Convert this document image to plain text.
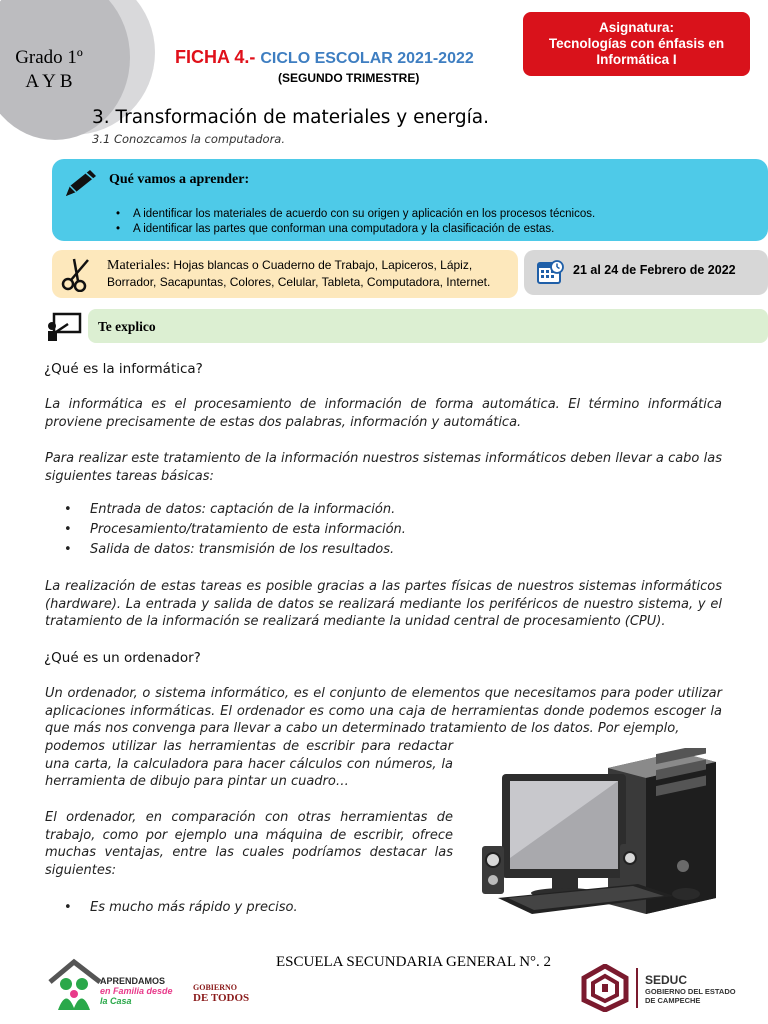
Grado 1º
A Y B
FICHA 4.- CICLO ESCOLAR 2021-2022
(SEGUNDO TRIMESTRE)
Asignatura:
Tecnologías con énfasis en
Informática I
3. Transformación de materiales y energía.
3.1 Conozcamos la computadora.
Qué vamos a aprender:
• A identificar los materiales de acuerdo con su origen y aplicación en los procesos técnicos.
• A identificar las partes que conforman una computadora y la clasificación de estas.
Materiales: Hojas blancas o Cuaderno de Trabajo, Lapiceros, Lápiz, Borrador, Sacapuntas, Colores, Celular, Tableta, Computadora, Internet.
21 al 24 de Febrero de 2022
Te explico
¿Qué es la informática?
La informática es el procesamiento de información de forma automática. El término informática proviene precisamente de estas dos palabras, información y automática.
Para realizar este tratamiento de la información nuestros sistemas informáticos deben llevar a cabo las siguientes tareas básicas:
• Entrada de datos: captación de la información.
• Procesamiento/tratamiento de esta información.
• Salida de datos: transmisión de los resultados.
La realización de estas tareas es posible gracias a las partes físicas de nuestros sistemas informáticos (hardware). La entrada y salida de datos se realizará mediante los periféricos de nuestro sistema, y el tratamiento de la información se realizará mediante la unidad central de procesamiento (CPU).
¿Qué es un ordenador?
Un ordenador, o sistema informático, es el conjunto de elementos que necesitamos para poder utilizar aplicaciones informáticas. El ordenador es como una caja de herramientas donde podemos escoger la que más nos convenga para llevar a cabo un determinado tratamiento de los datos. Por ejemplo,
podemos utilizar las herramientas de escribir para redactar una carta, la calculadora para hacer cálculos con números, la herramienta de dibujo para pintar un cuadro…
El ordenador, en comparación con otras herramientas de trabajo, como por ejemplo una máquina de escribir, ofrece muchas ventajas, entre las cuales podríamos destacar las siguientes:
• Es mucho más rápido y preciso.
ESCUELA SECUNDARIA GENERAL N°. 2
APRENDAMOS
en Familia desde
la Casa
GOBIERNO
DE TODOS
SEDUC
GOBIERNO DEL ESTADO
DE CAMPECHE
